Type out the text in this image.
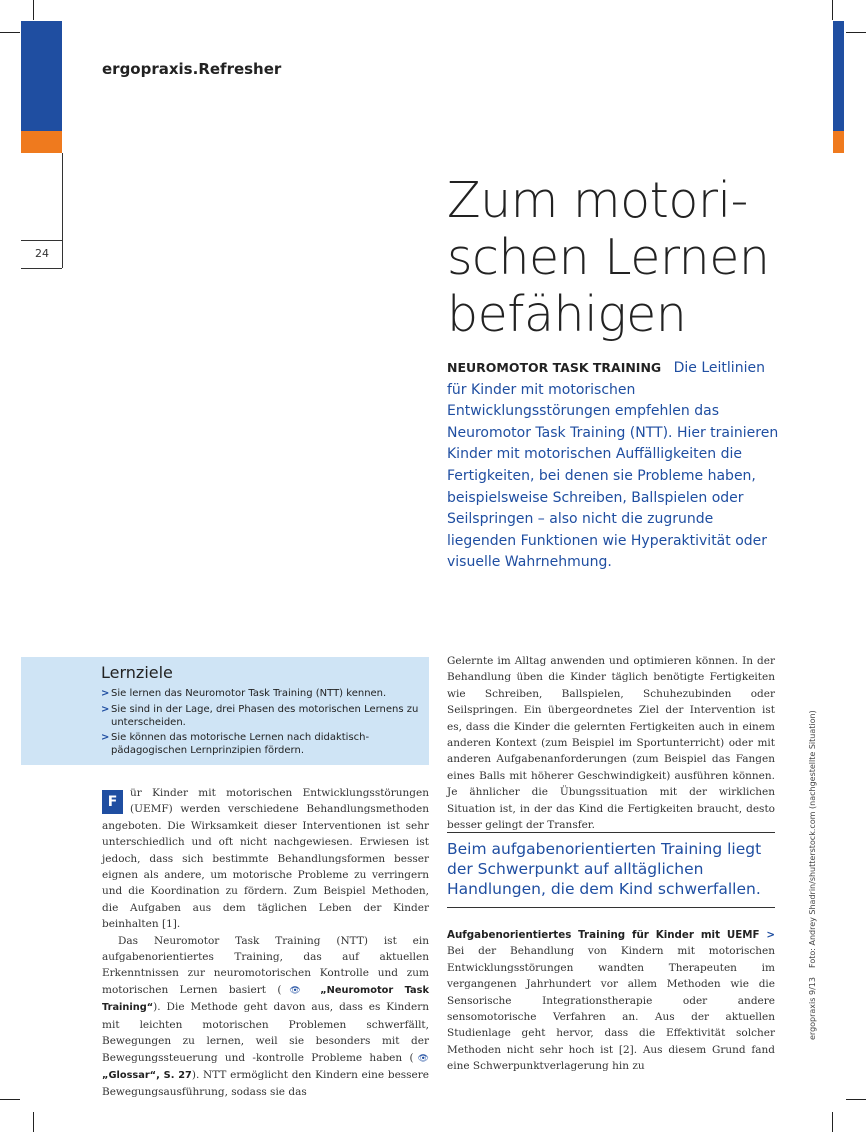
ergopraxis.Refresher
24
Zum motori-
schen Lernen
befähigen

NEUROMOTOR TASK TRAINING Die Leitlinien für Kinder mit motorischen Entwicklungsstörungen empfehlen das Neuromotor Task Training (NTT). Hier trainieren Kinder mit motorischen Auffälligkeiten die Fertigkeiten, bei denen sie Probleme haben, beispielsweise Schreiben, Ballspielen oder Seilspringen – also nicht die zugrunde liegenden Funktionen wie Hyperaktivität oder visuelle Wahrnehmung.

Lernziele
> Sie lernen das Neuromotor Task Training (NTT) kennen.
> Sie sind in der Lage, drei Phasen des motorischen Lernens zu unterscheiden.
> Sie können das motorische Lernen nach didaktisch-pädagogischen Lernprinzipien fördern.

F
ür Kinder mit motorischen Entwicklungsstörungen (UEMF) werden verschiedene Behandlungsmethoden angeboten. Die Wirksamkeit dieser Interventionen ist sehr unterschiedlich und oft nicht nachgewiesen. Erwiesen ist jedoch, dass sich bestimmte Behandlungsformen besser eignen als andere, um motorische Probleme zu verringern und die Koordination zu fördern. Zum Beispiel Methoden, die Aufgaben aus dem täglichen Leben der Kinder beinhalten [1].

Das Neuromotor Task Training (NTT) ist ein aufgabenorientiertes Training, das auf aktuellen Erkenntnissen zur neuromotorischen Kontrolle und zum motorischen Lernen basiert (👁 „Neuromotor Task Training“). Die Methode geht davon aus, dass es Kindern mit leichten motorischen Problemen schwerfällt, Bewegungen zu lernen, weil sie besonders mit der Bewegungssteuerung und -kontrolle Probleme haben (👁 „Glossar“, S. 27). NTT ermöglicht den Kindern eine bessere Bewegungsausführung, sodass sie das

Gelernte im Alltag anwenden und optimieren können. In der Behandlung üben die Kinder täglich benötigte Fertigkeiten wie Schreiben, Ballspielen, Schuhezubinden oder Seilspringen. Ein übergeordnetes Ziel der Intervention ist es, dass die Kinder die gelernten Fertigkeiten auch in einem anderen Kontext (zum Beispiel im Sportunterricht) oder mit anderen Aufgabenanforderungen (zum Beispiel das Fangen eines Balls mit höherer Geschwindigkeit) ausführen können. Je ähnlicher die Übungssituation mit der wirklichen Situation ist, in der das Kind die Fertigkeiten braucht, desto besser gelingt der Transfer.

Beim aufgabenorientierten Training liegt der Schwerpunkt auf alltäglichen Handlungen, die dem Kind schwerfallen.

Aufgabenorientiertes Training für Kinder mit UEMF > Bei der Behandlung von Kindern mit motorischen Entwicklungsstörungen wandten Therapeuten im vergangenen Jahrhundert vor allem Methoden wie die Sensorische Integrationstherapie oder andere sensomotorische Verfahren an. Aus der aktuellen Studienlage geht hervor, dass die Effektivität solcher Methoden nicht sehr hoch ist [2]. Aus diesem Grund fand eine Schwerpunktverlagerung hin zu

Foto: Andrey Shadrin/shutterstock.com (nachgestellte Situation)
ergopraxis 9/13
